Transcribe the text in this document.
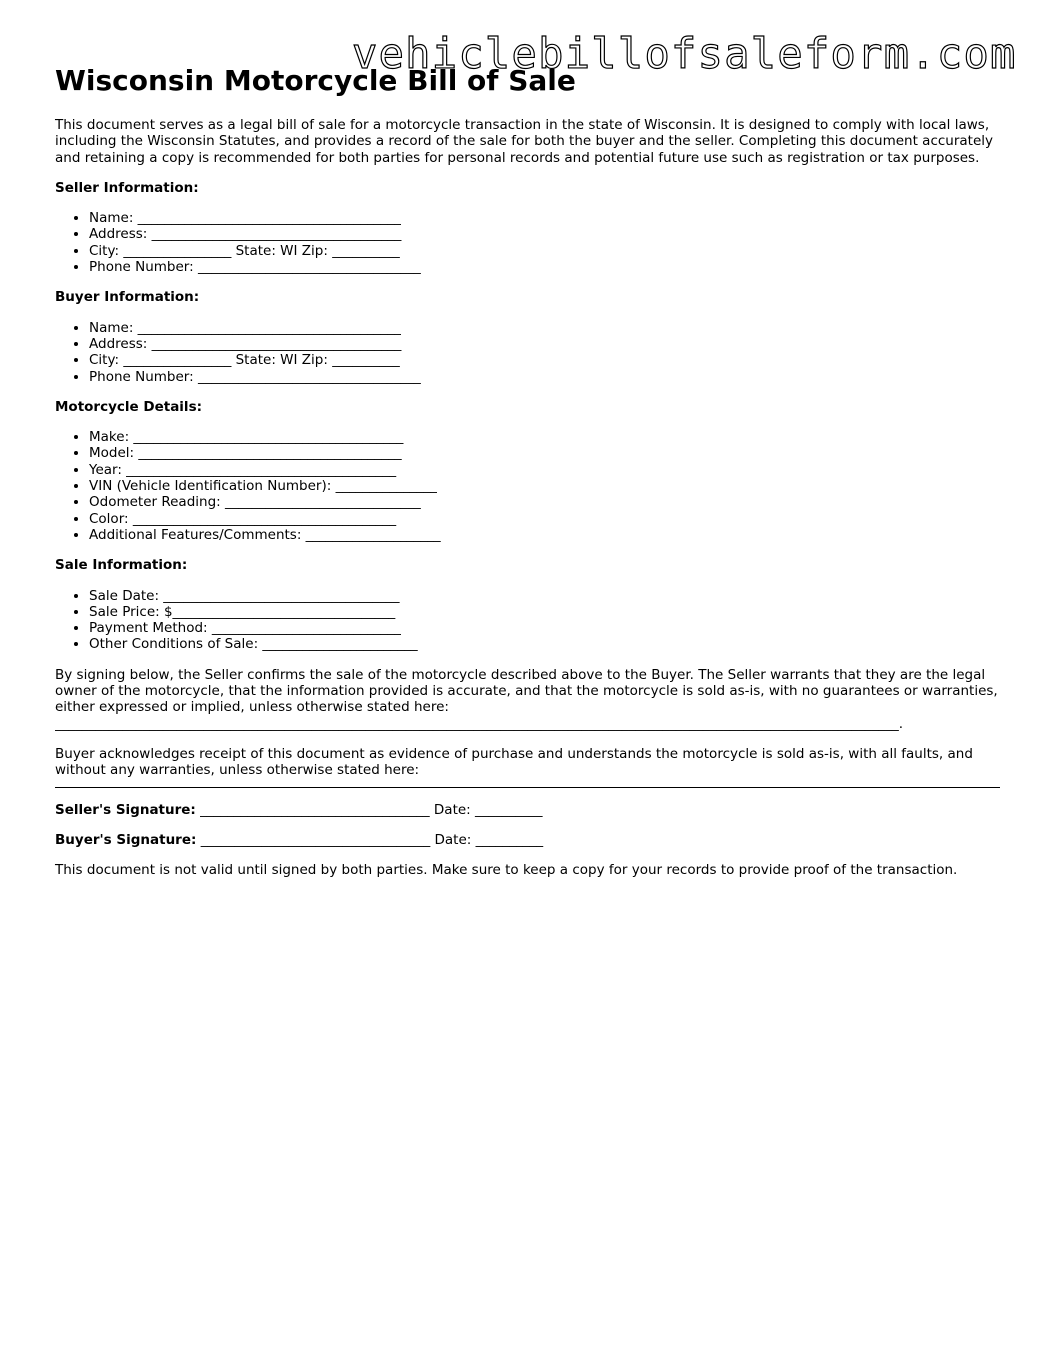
vehiclebillofsaleform.com
Wisconsin Motorcycle Bill of Sale

This document serves as a legal bill of sale for a motorcycle transaction in the state of Wisconsin. It is designed to comply with local laws, including the Wisconsin Statutes, and provides a record of the sale for both the buyer and the seller. Completing this document accurately and retaining a copy is recommended for both parties for personal records and potential future use such as registration or tax purposes.

Seller Information:
• Name: _______________________________________
• Address: _____________________________________
• City: ________________ State: WI Zip: __________
• Phone Number: _________________________________
Buyer Information:
• Name: _______________________________________
• Address: _____________________________________
• City: ________________ State: WI Zip: __________
• Phone Number: _________________________________
Motorcycle Details:
• Make: ________________________________________
• Model: _______________________________________
• Year: ________________________________________
• VIN (Vehicle Identification Number): _______________
• Odometer Reading: _____________________________
• Color: _______________________________________
• Additional Features/Comments: ____________________
Sale Information:
• Sale Date: ___________________________________
• Sale Price: $_________________________________
• Payment Method: ____________________________
• Other Conditions of Sale: _______________________

By signing below, the Seller confirms the sale of the motorcycle described above to the Buyer. The Seller warrants that they are the legal owner of the motorcycle, that the information provided is accurate, and that the motorcycle is sold as-is, with no guarantees or warranties, either expressed or implied, unless otherwise stated here:

_____________________________________________________________________________________________________________________________.

Buyer acknowledges receipt of this document as evidence of purchase and understands the motorcycle is sold as-is, with all faults, and without any warranties, unless otherwise stated here:

Seller's Signature: __________________________________ Date: __________

Buyer's Signature: __________________________________ Date: __________

This document is not valid until signed by both parties. Make sure to keep a copy for your records to provide proof of the transaction.
